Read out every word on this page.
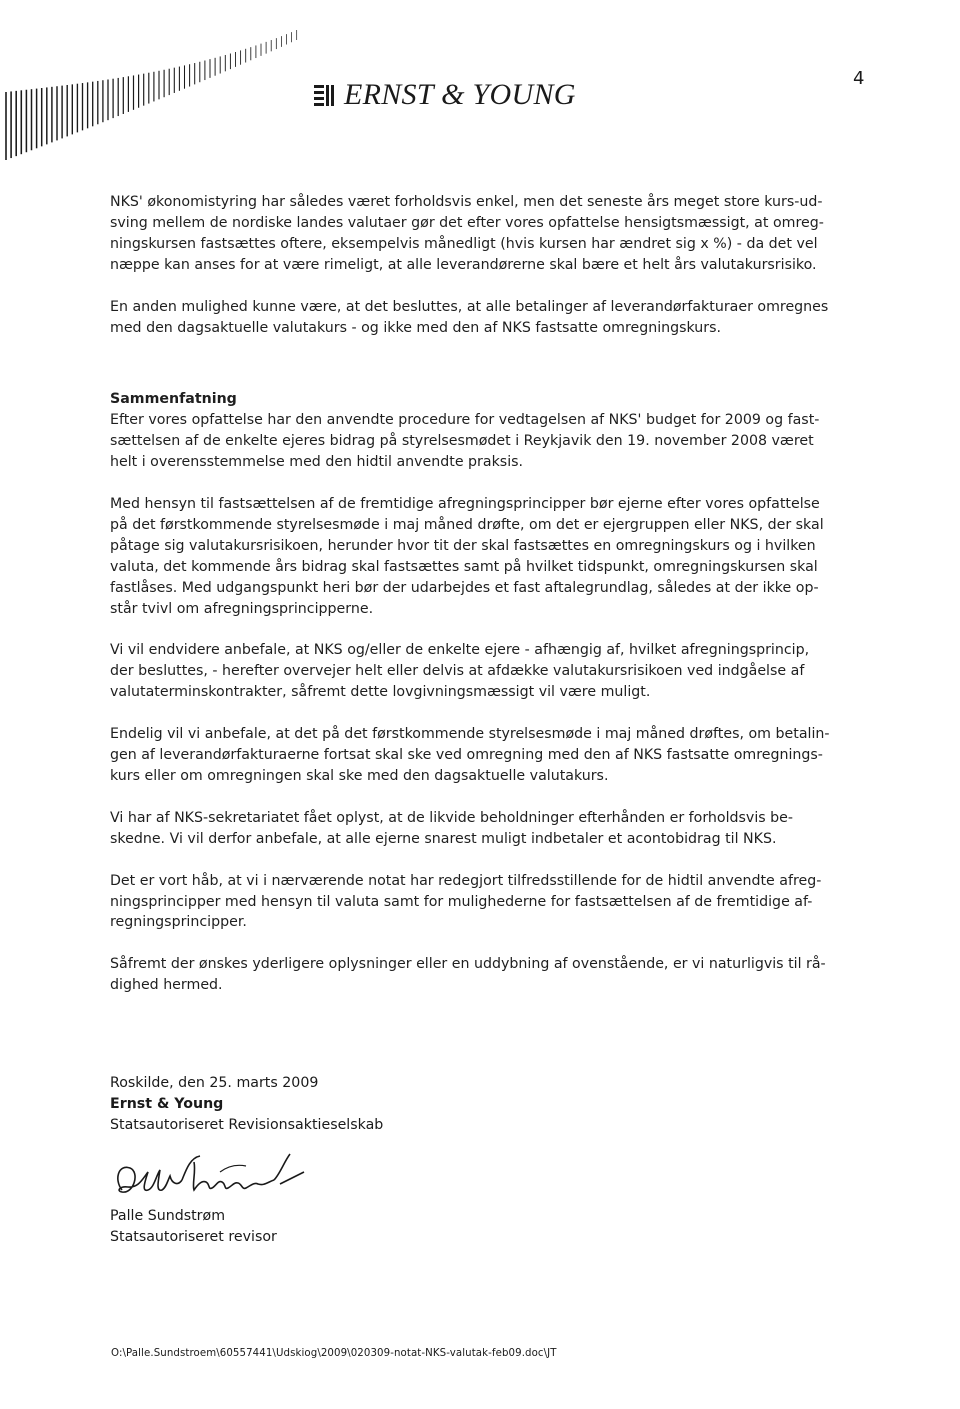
ERNST & YOUNG	4

NKS' økonomistyring har således været forholdsvis enkel, men det seneste års meget store kurs-ud-
sving mellem de nordiske landes valutaer gør det efter vores opfattelse hensigtsmæssigt, at omreg-
ningskursen fastsættes oftere, eksempelvis månedligt (hvis kursen har ændret sig x %) - da det vel
næppe kan anses for at være rimeligt, at alle leverandørerne skal bære et helt års valutakursrisiko.

En anden mulighed kunne være, at det besluttes, at alle betalinger af leverandørfakturaer omregnes
med den dagsaktuelle valutakurs - og ikke med den af NKS fastsatte omregningskurs.

Sammenfatning
Efter vores opfattelse har den anvendte procedure for vedtagelsen af NKS' budget for 2009 og fast-
sættelsen af de enkelte ejeres bidrag på styrelsesmødet i Reykjavik den 19. november 2008 været
helt i overensstemmelse med den hidtil anvendte praksis.

Med hensyn til fastsættelsen af de fremtidige afregningsprincipper bør ejerne efter vores opfattelse
på det førstkommende styrelsesmøde i maj måned drøfte, om det er ejergruppen eller NKS, der skal
påtage sig valutakursrisikoen, herunder hvor tit der skal fastsættes en omregningskurs og i hvilken
valuta, det kommende års bidrag skal fastsættes samt på hvilket tidspunkt, omregningskursen skal
fastlåses. Med udgangspunkt heri bør der udarbejdes et fast aftalegrundlag, således at der ikke op-
står tvivl om afregningsprincipperne.

Vi vil endvidere anbefale, at NKS og/eller de enkelte ejere - afhængig af, hvilket afregningsprincip,
der besluttes, - herefter overvejer helt eller delvis at afdække valutakursrisikoen ved indgåelse af
valutaterminskontrakter, såfremt dette lovgivningsmæssigt vil være muligt.

Endelig vil vi anbefale, at det på det førstkommende styrelsesmøde i maj måned drøftes, om betalin-
gen af leverandørfakturaerne fortsat skal ske ved omregning med den af NKS fastsatte omregnings-
kurs eller om omregningen skal ske med den dagsaktuelle valutakurs.

Vi har af NKS-sekretariatet fået oplyst, at de likvide beholdninger efterhånden er forholdsvis be-
skedne. Vi vil derfor anbefale, at alle ejerne snarest muligt indbetaler et acontobidrag til NKS.

Det er vort håb, at vi i nærværende notat har redegjort tilfredsstillende for de hidtil anvendte afreg-
ningsprincipper med hensyn til valuta samt for mulighederne for fastsættelsen af de fremtidige af-
regningsprincipper.

Såfremt der ønskes yderligere oplysninger eller en uddybning af ovenstående, er vi naturligvis til rå-
dighed hermed.

Roskilde, den 25. marts 2009
Ernst & Young
Statsautoriseret Revisionsaktieselskab
Palle Sundstrøm
Statsautoriseret revisor
O:\Palle.Sundstroem\60557441\Udskiog\2009\020309-notat-NKS-valutak-feb09.doc\JT
